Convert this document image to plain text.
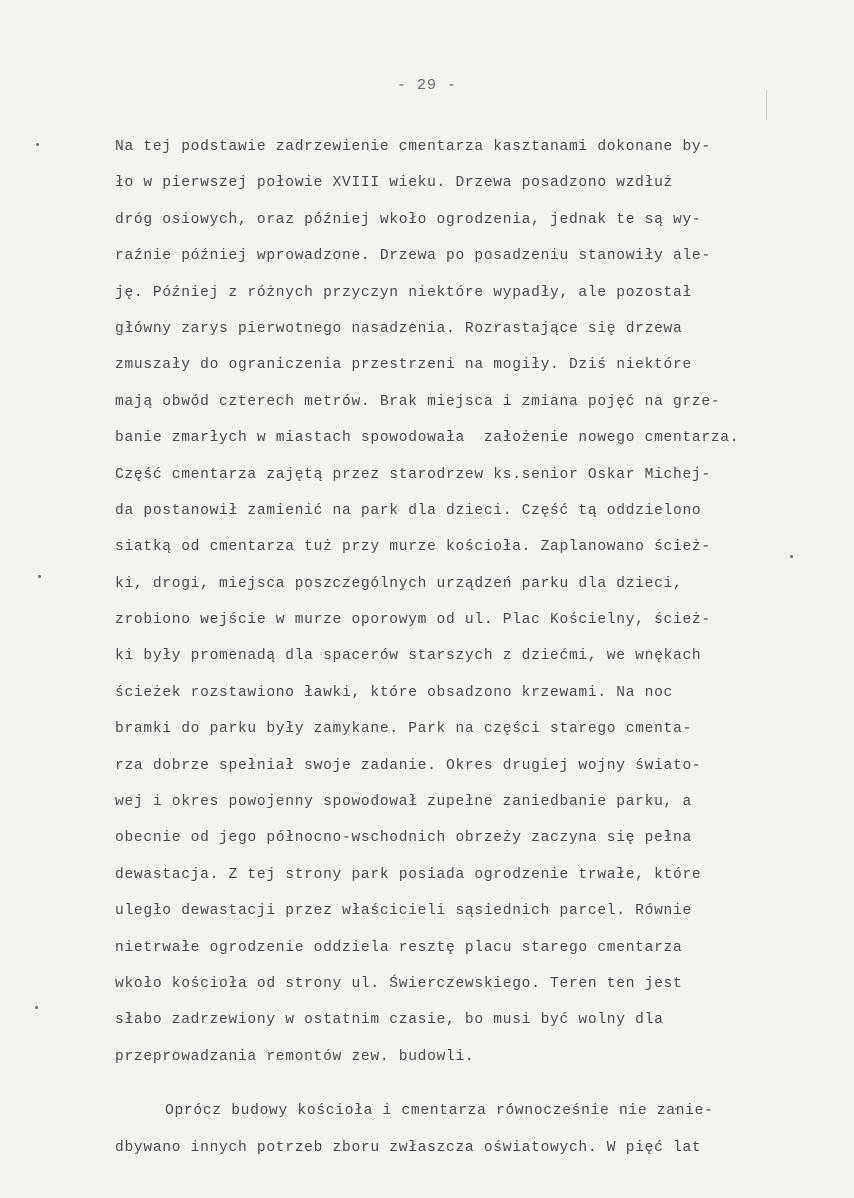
- 29 -
Na tej podstawie zadrzewienie cmentarza kasztanami dokonane by-
ło w pierwszej połowie XVIII wieku. Drzewa posadzono wzdłuż
dróg osiowych, oraz później wkoło ogrodzenia, jednak te są wy-
raźnie później wprowadzone. Drzewa po posadzeniu stanowiły ale-
ję. Później z różnych przyczyn niektóre wypadły, ale pozostał
główny zarys pierwotnego nasadzenia. Rozrastające się drzewa
zmuszały do ograniczenia przestrzeni na mogiły. Dziś niektóre
mają obwód czterech metrów. Brak miejsca i zmiana pojęć na grze-
banie zmarłych w miastach spowodowała  założenie nowego cmentarza.
Część cmentarza zajętą przez starodrzew ks.senior Oskar Michej-
da postanowił zamienić na park dla dzieci. Część tą oddzielono
siatką od cmentarza tuż przy murze kościoła. Zaplanowano ścież-
ki, drogi, miejsca poszczególnych urządzeń parku dla dzieci,
zrobiono wejście w murze oporowym od ul. Plac Kościelny, ścież-
ki były promenadą dla spacerów starszych z dziećmi, we wnękach
ścieżek rozstawiono ławki, które obsadzono krzewami. Na noc
bramki do parku były zamykane. Park na części starego cmenta-
rza dobrze spełniał swoje zadanie. Okres drugiej wojny świato-
wej i okres powojenny spowodował zupełne zaniedbanie parku, a
obecnie od jego północno-wschodnich obrzeży zaczyna się pełna
dewastacja. Z tej strony park posiada ogrodzenie trwałe, które
uległo dewastacji przez właścicieli sąsiednich parcel. Równie
nietrwałe ogrodzenie oddziela resztę placu starego cmentarza
wkoło kościoła od strony ul. Świerczewskiego. Teren ten jest
słabo zadrzewiony w ostatnim czasie, bo musi być wolny dla
przeprowadzania remontów zew. budowli.
Oprócz budowy kościoła i cmentarza równocześnie nie zanie-
dbywano innych potrzeb zboru zwłaszcza oświatowych. W pięć lat
